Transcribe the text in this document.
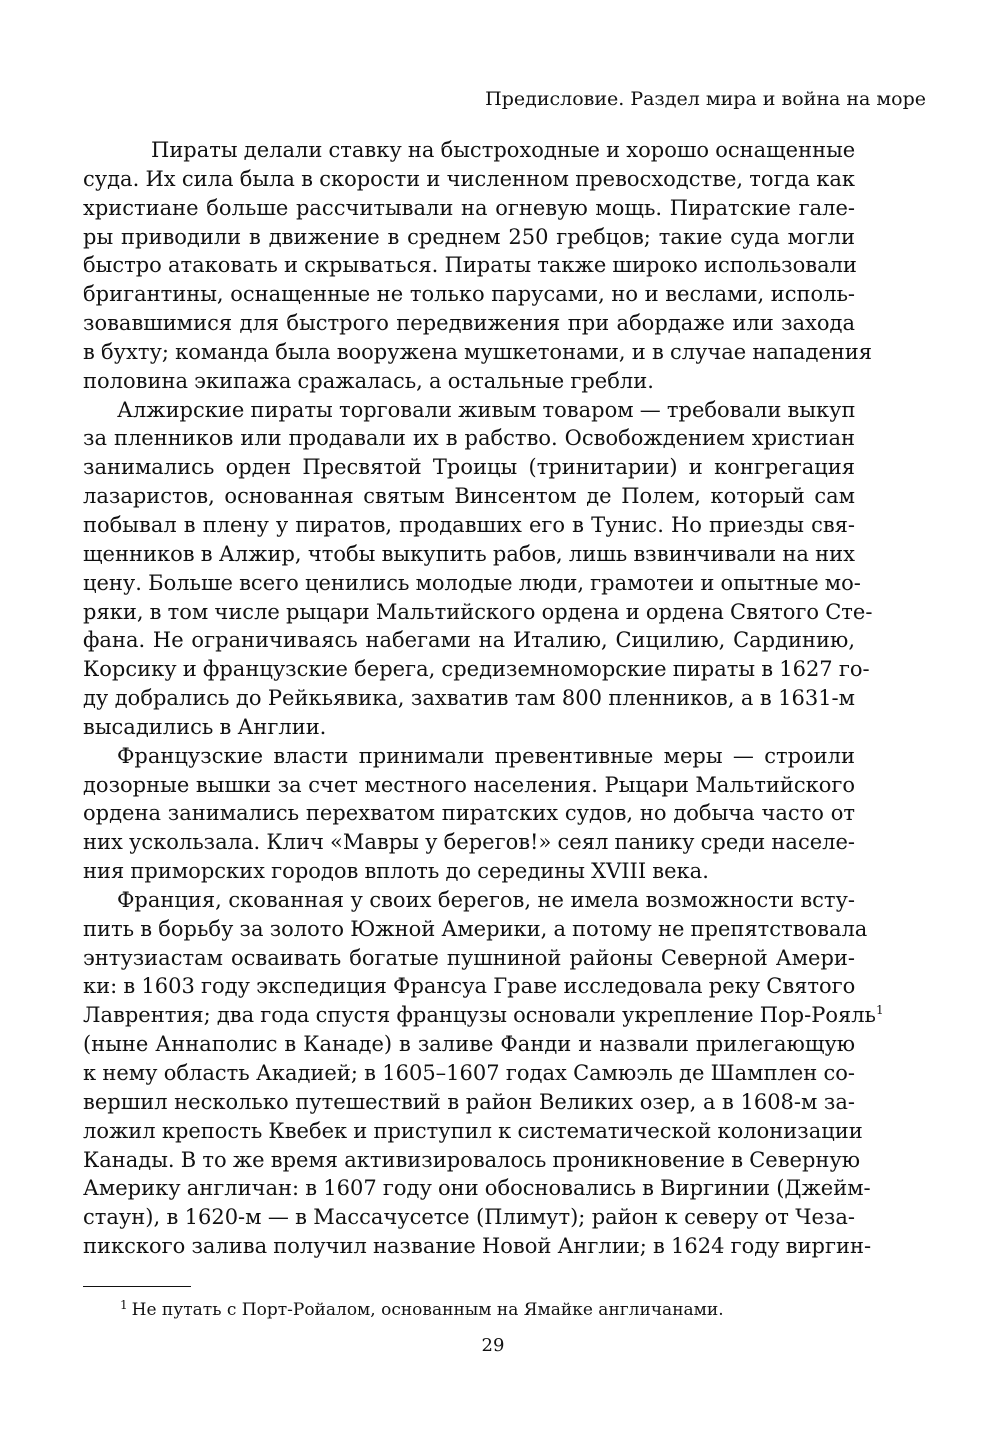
Предисловие. Раздел мира и война на море
Пираты делали ставку на быстроходные и хорошо оснащенные
суда. Их сила была в скорости и численном превосходстве, тогда как
христиане больше рассчитывали на огневую мощь. Пиратские гале-
ры приводили в движение в среднем 250 гребцов; такие суда могли
быстро атаковать и скрываться. Пираты также широко использовали
бригантины, оснащенные не только парусами, но и веслами, исполь-
зовавшимися для быстрого передвижения при абордаже или захода
в бухту; команда была вооружена мушкетонами, и в случае нападения
половина экипажа сражалась, а остальные гребли.
Алжирские пираты торговали живым товаром — требовали выкуп
за пленников или продавали их в рабство. Освобождением христиан
занимались орден Пресвятой Троицы (тринитарии) и конгрегация
лазаристов, основанная святым Винсентом де Полем, который сам
побывал в плену у пиратов, продавших его в Тунис. Но приезды свя-
щенников в Алжир, чтобы выкупить рабов, лишь взвинчивали на них
цену. Больше всего ценились молодые люди, грамотеи и опытные мо-
ряки, в том числе рыцари Мальтийского ордена и ордена Святого Сте-
фана. Не ограничиваясь набегами на Италию, Сицилию, Сардинию,
Корсику и французские берега, средиземноморские пираты в 1627 го-
ду добрались до Рейкьявика, захватив там 800 пленников, а в 1631-м
высадились в Англии.
Французские власти принимали превентивные меры — строили
дозорные вышки за счет местного населения. Рыцари Мальтийского
ордена занимались перехватом пиратских судов, но добыча часто от
них ускользала. Клич «Мавры у берегов!» сеял панику среди населе-
ния приморских городов вплоть до середины XVIII века.
Франция, скованная у своих берегов, не имела возможности всту-
пить в борьбу за золото Южной Америки, а потому не препятствовала
энтузиастам осваивать богатые пушниной районы Северной Амери-
ки: в 1603 году экспедиция Франсуа Граве исследовала реку Святого
Лаврентия; два года спустя французы основали укрепление Пор-Рояль$^1$
(ныне Аннаполис в Канаде) в заливе Фанди и назвали прилегающую
к нему область Акадией; в 1605–1607 годах Самюэль де Шамплен со-
вершил несколько путешествий в район Великих озер, а в 1608-м за-
ложил крепость Квебек и приступил к систематической колонизации
Канады. В то же время активизировалось проникновение в Северную
Америку англичан: в 1607 году они обосновались в Виргинии (Джейм-
стаун), в 1620-м — в Массачусетсе (Плимут); район к северу от Чеза-
пикского залива получил название Новой Англии; в 1624 году виргин-
$^1$ Не путать с Порт-Ройалом, основанным на Ямайке англичанами.
29
